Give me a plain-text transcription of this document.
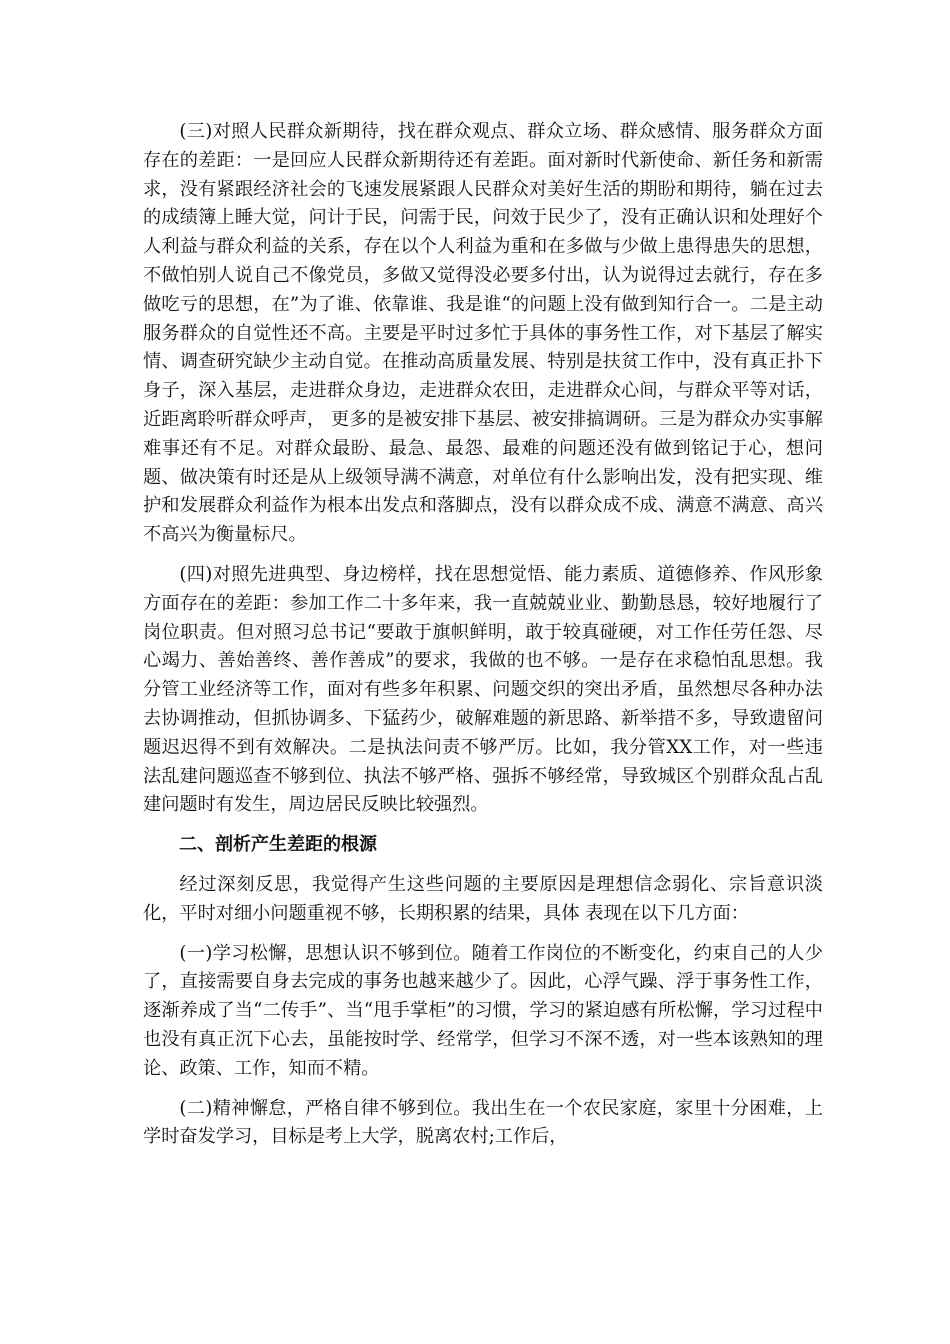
(三)对照人民群众新期待，找在群众观点、群众立场、群众感情、服务群众方面存在的差距：一是回应人民群众新期待还有差距。面对新时代新使命、新任务和新需求，没有紧跟经济社会的飞速发展紧跟人民群众对美好生活的期盼和期待，躺在过去的成绩簿上睡大觉，问计于民，问需于民，问效于民少了，没有正确认识和处理好个人利益与群众利益的关系，存在以个人利益为重和在多做与少做上患得患失的思想，不做怕别人说自己不像党员，多做又觉得没必要多付出，认为说得过去就行，存在多做吃亏的思想，在”为了谁、依靠谁、我是谁“的问题上没有做到知行合一。二是主动服务群众的自觉性还不高。主要是平时过多忙于具体的事务性工作，对下基层了解实情、调查研究缺少主动自觉。在推动高质量发展、特别是扶贫工作中，没有真正扑下身子，深入基层，走进群众身边，走进群众农田，走进群众心间，与群众平等对话，近距离聆听群众呼声， 更多的是被安排下基层、被安排搞调研。三是为群众办实事解难事还有不足。对群众最盼、最急、最怨、最难的问题还没有做到铭记于心，想问题、做决策有时还是从上级领导满不满意，对单位有什么影响出发，没有把实现、维护和发展群众利益作为根本出发点和落脚点，没有以群众成不成、满意不满意、高兴不高兴为衡量标尺。

(四)对照先进典型、身边榜样，找在思想觉悟、能力素质、道德修养、作风形象方面存在的差距：参加工作二十多年来，我一直兢兢业业、勤勤恳恳，较好地履行了岗位职责。但对照习总书记“要敢于旗帜鲜明，敢于较真碰硬，对工作任劳任怨、尽心竭力、善始善终、善作善成”的要求，我做的也不够。一是存在求稳怕乱思想。我分管工业经济等工作，面对有些多年积累、问题交织的突出矛盾，虽然想尽各种办法去协调推动，但抓协调多、下猛药少，破解难题的新思路、新举措不多，导致遗留问题迟迟得不到有效解决。二是执法问责不够严厉。比如，我分管XX工作，对一些违法乱建问题巡查不够到位、执法不够严格、强拆不够经常，导致城区个别群众乱占乱建问题时有发生，周边居民反映比较强烈。

二、剖析产生差距的根源

经过深刻反思，我觉得产生这些问题的主要原因是理想信念弱化、宗旨意识淡化，平时对细小问题重视不够，长期积累的结果，具体 表现在以下几方面：

(一)学习松懈，思想认识不够到位。随着工作岗位的不断变化，约束自己的人少了，直接需要自身去完成的事务也越来越少了。因此，心浮气躁、浮于事务性工作，逐渐养成了当“二传手”、当“甩手掌柜”的习惯，学习的紧迫感有所松懈，学习过程中也没有真正沉下心去，虽能按时学、经常学，但学习不深不透，对一些本该熟知的理论、政策、工作，知而不精。

(二)精神懈怠，严格自律不够到位。我出生在一个农民家庭，家里十分困难，上学时奋发学习，目标是考上大学，脱离农村;工作后，
